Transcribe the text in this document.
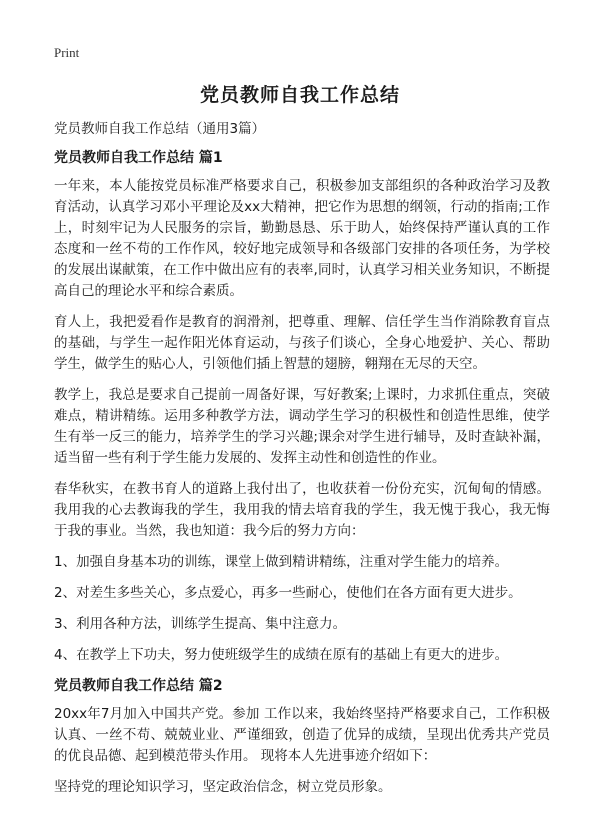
Print
党员教师自我工作总结

党员教师自我工作总结（通用3篇）

党员教师自我工作总结 篇1

一年来，本人能按党员标准严格要求自己，积极参加支部组织的各种政治学习及教育活动，认真学习邓小平理论及xx大精神，把它作为思想的纲领，行动的指南;工作上，时刻牢记为人民服务的宗旨，勤勤恳恳、乐于助人，始终保持严谨认真的工作态度和一丝不苟的工作作风，较好地完成领导和各级部门安排的各项任务，为学校的发展出谋献策，在工作中做出应有的表率,同时，认真学习相关业务知识，不断提高自己的理论水平和综合素质。

育人上，我把爱看作是教育的润滑剂，把尊重、理解、信任学生当作消除教育盲点的基础，与学生一起作阳光体育运动，与孩子们谈心，全身心地爱护、关心、帮助学生，做学生的贴心人，引领他们插上智慧的翅膀，翱翔在无尽的天空。

教学上，我总是要求自己提前一周备好课，写好教案;上课时，力求抓住重点，突破难点，精讲精练。运用多种教学方法，调动学生学习的积极性和创造性思维，使学生有举一反三的能力，培养学生的学习兴趣;课余对学生进行辅导，及时查缺补漏，适当留一些有利于学生能力发展的、发挥主动性和创造性的作业。

春华秋实，在教书育人的道路上我付出了，也收获着一份份充实，沉甸甸的情感。我用我的心去教诲我的学生，我用我的情去培育我的学生，我无愧于我心，我无悔于我的事业。当然，我也知道：我今后的努力方向：

1、加强自身基本功的训练，课堂上做到精讲精练，注重对学生能力的培养。

2、对差生多些关心，多点爱心，再多一些耐心，使他们在各方面有更大进步。

3、利用各种方法，训练学生提高、集中注意力。

4、在教学上下功夫，努力使班级学生的成绩在原有的基础上有更大的进步。

党员教师自我工作总结 篇2

20xx年7月加入中国共产党。参加 工作以来，我始终坚持严格要求自己，工作积极认真、一丝不苟、兢兢业业、严谨细致，创造了优异的成绩，呈现出优秀共产党员的优良品德、起到模范带头作用。 现将本人先进事迹介绍如下：

坚持党的理论知识学习，坚定政治信念，树立党员形象。
